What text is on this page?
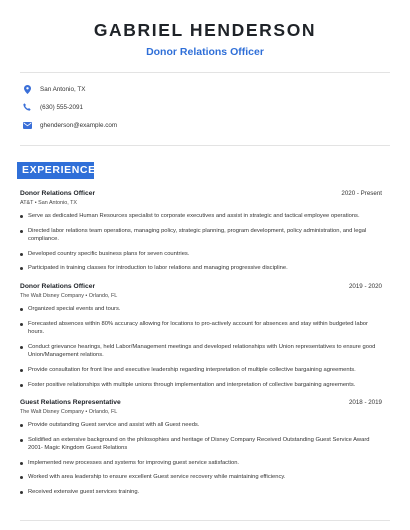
GABRIEL HENDERSON
Donor Relations Officer
San Antonio, TX
(630) 555-2091
ghenderson@example.com
EXPERIENCE
Donor Relations Officer	2020 - Present
AT&T • San Antonio, TX
Serve as dedicated Human Resources specialist to corporate executives and assist in strategic and tactical employee operations.
Directed labor relations team operations, managing policy, strategic planning, program development, policy administration, and legal compliance.
Developed country specific business plans for seven countries.
Participated in training classes for introduction to labor relations and managing progressive discipline.
Donor Relations Officer	2019 - 2020
The Walt Disney Company • Orlando, FL
Organized special events and tours.
Forecasted absences within 80% accuracy allowing for locations to pro-actively account for absences and stay within budgeted labor hours.
Conduct grievance hearings, held Labor/Management meetings and developed relationships with Union representatives to ensure good Union/Management relations.
Provide consultation for front line and executive leadership regarding interpretation of multiple collective bargaining agreements.
Foster positive relationships with multiple unions through implementation and interpretation of collective bargaining agreements.
Guest Relations Representative	2018 - 2019
The Walt Disney Company • Orlando, FL
Provide outstanding Guest service and assist with all Guest needs.
Solidified an extensive background on the philosophies and heritage of Disney Company Received Outstanding Guest Service Award 2001- Magic Kingdom Guest Relations
Implemented new processes and systems for improving guest service satisfaction.
Worked with area leadership to ensure excellent Guest service recovery while maintaining efficiency.
Received extensive guest services training.
